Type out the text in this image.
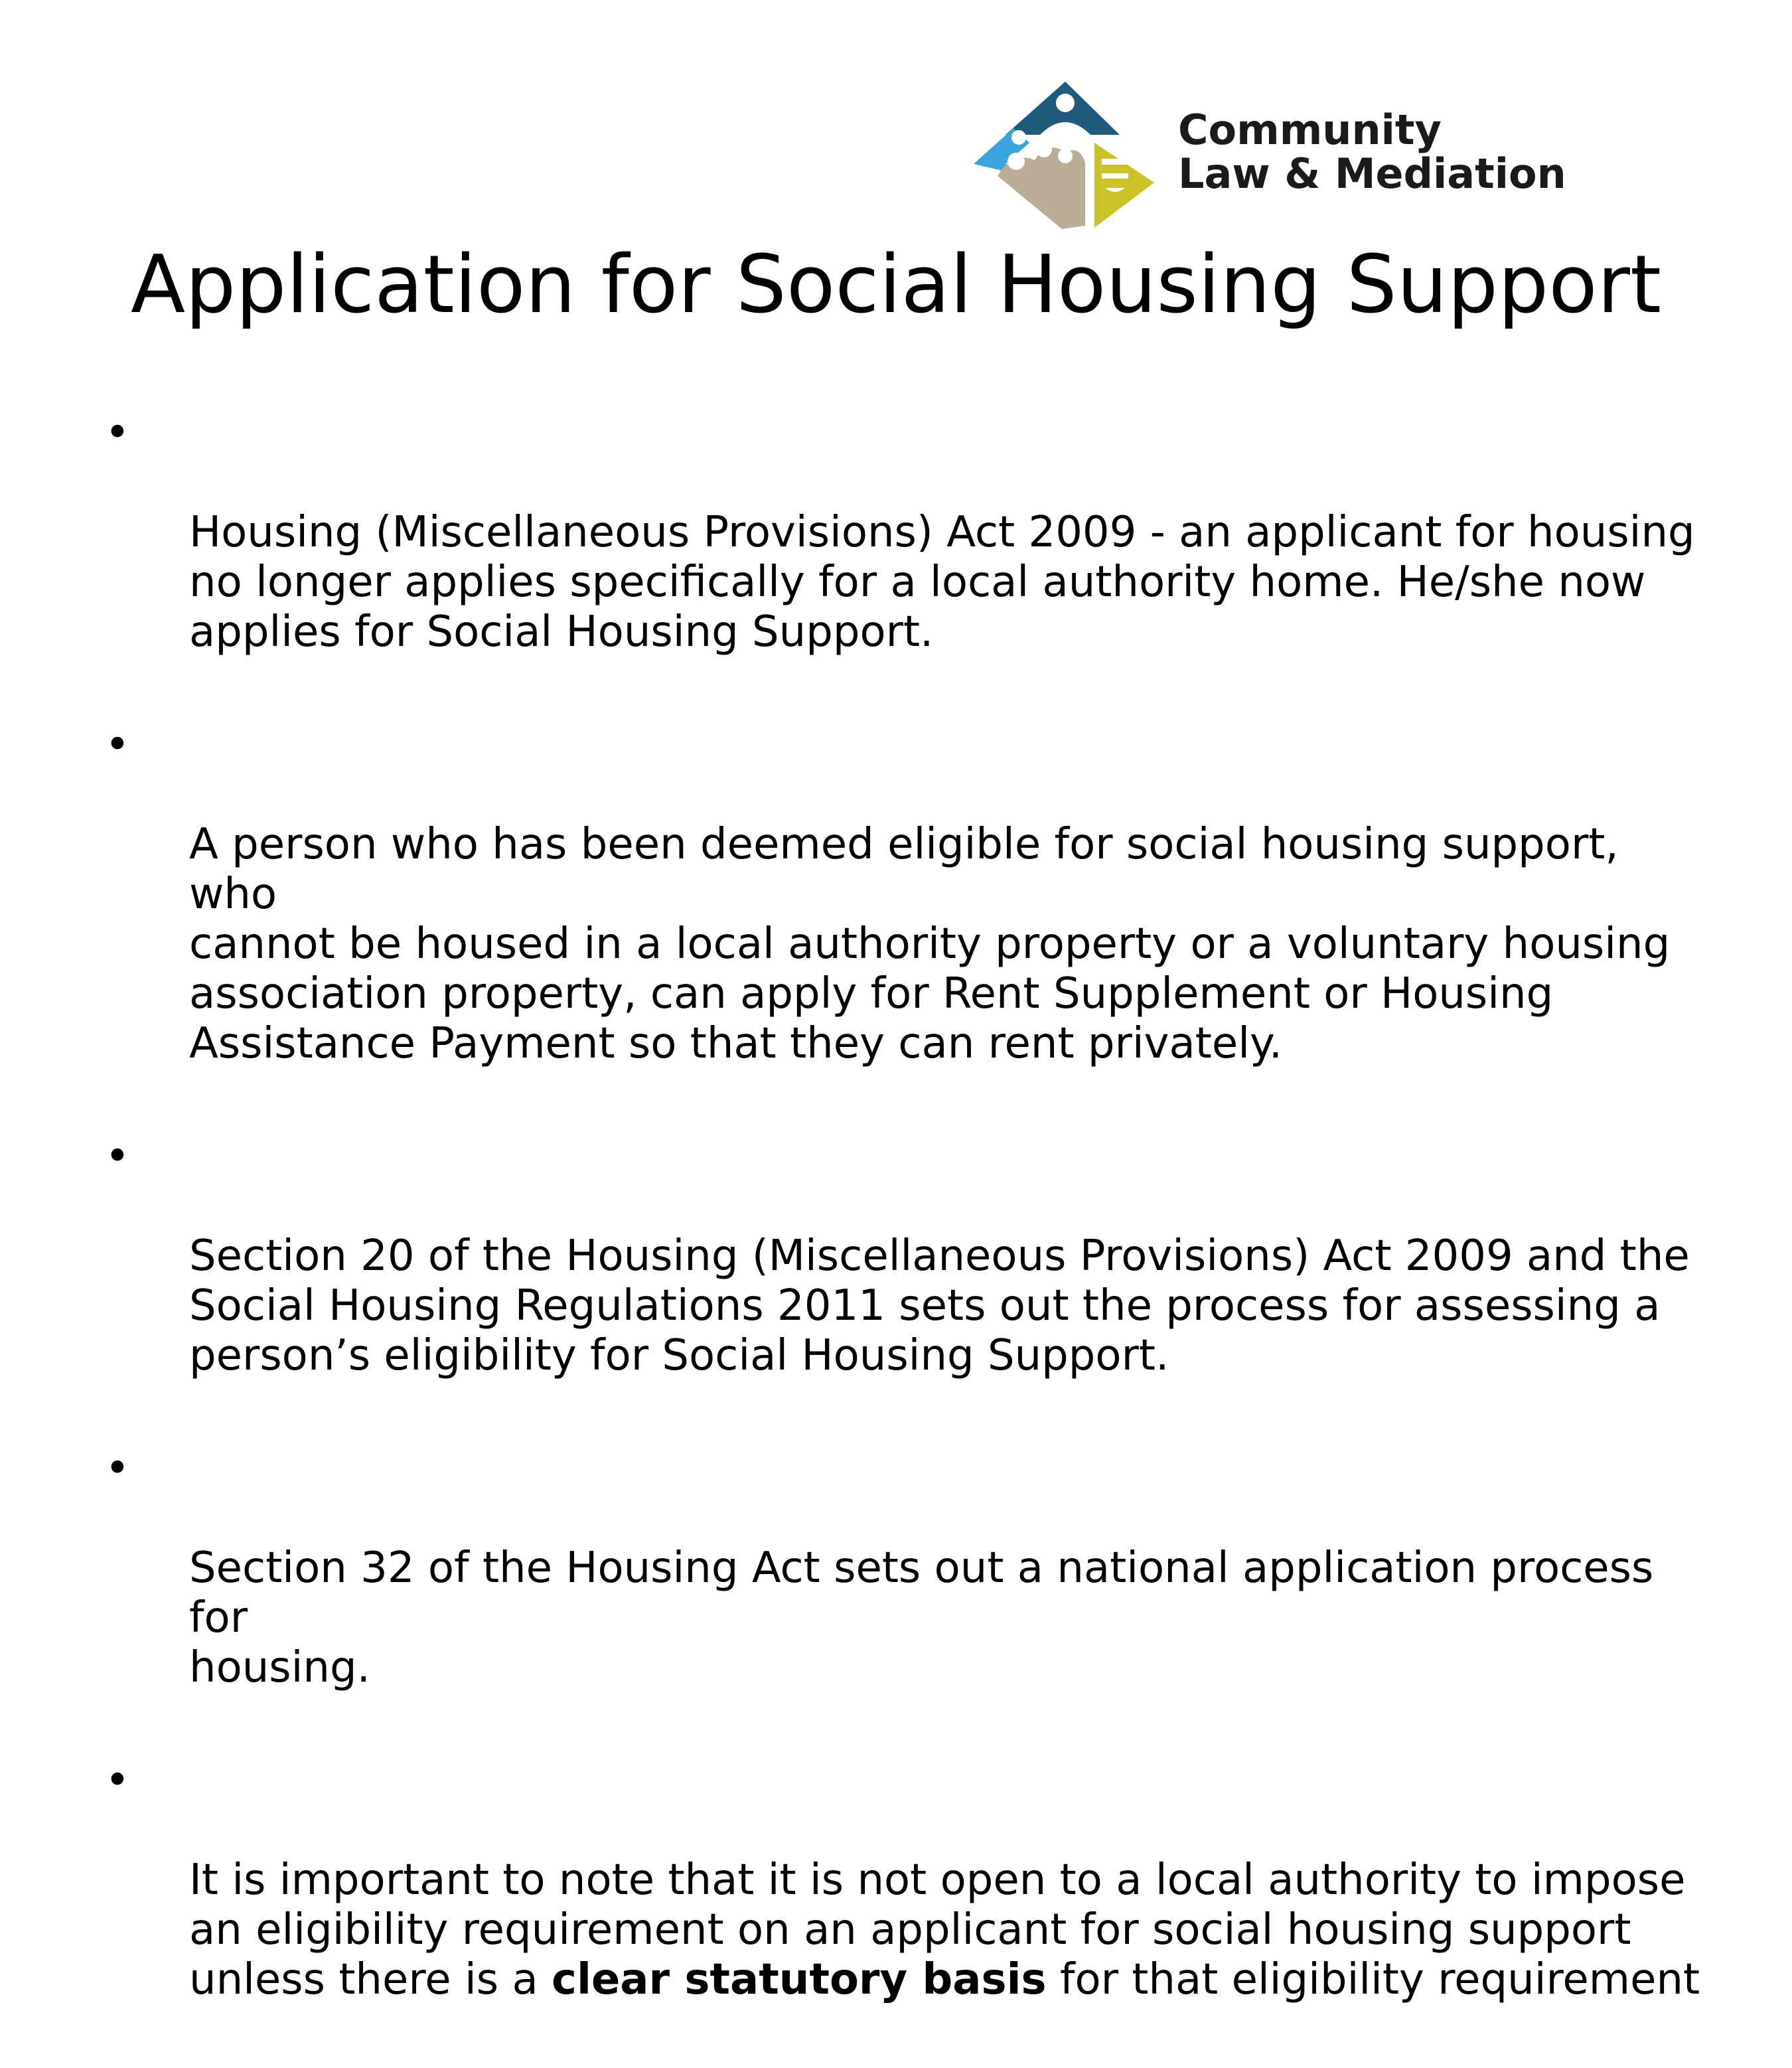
Community
Law & Mediation
Application for Social Housing Support

•

Housing (Miscellaneous Provisions) Act 2009 - an applicant for housing
no longer applies specifically for a local authority home. He/she now
applies for Social Housing Support.

•

A person who has been deemed eligible for social housing support, who
cannot be housed in a local authority property or a voluntary housing
association property, can apply for Rent Supplement or Housing
Assistance Payment so that they can rent privately.

•

Section 20 of the Housing (Miscellaneous Provisions) Act 2009 and the
Social Housing Regulations 2011 sets out the process for assessing a
person’s eligibility for Social Housing Support.

•

Section 32 of the Housing Act sets out a national application process for
housing.

•

It is important to note that it is not open to a local authority to impose
an eligibility requirement on an applicant for social housing support
unless there is a clear statutory basis for that eligibility requirement
